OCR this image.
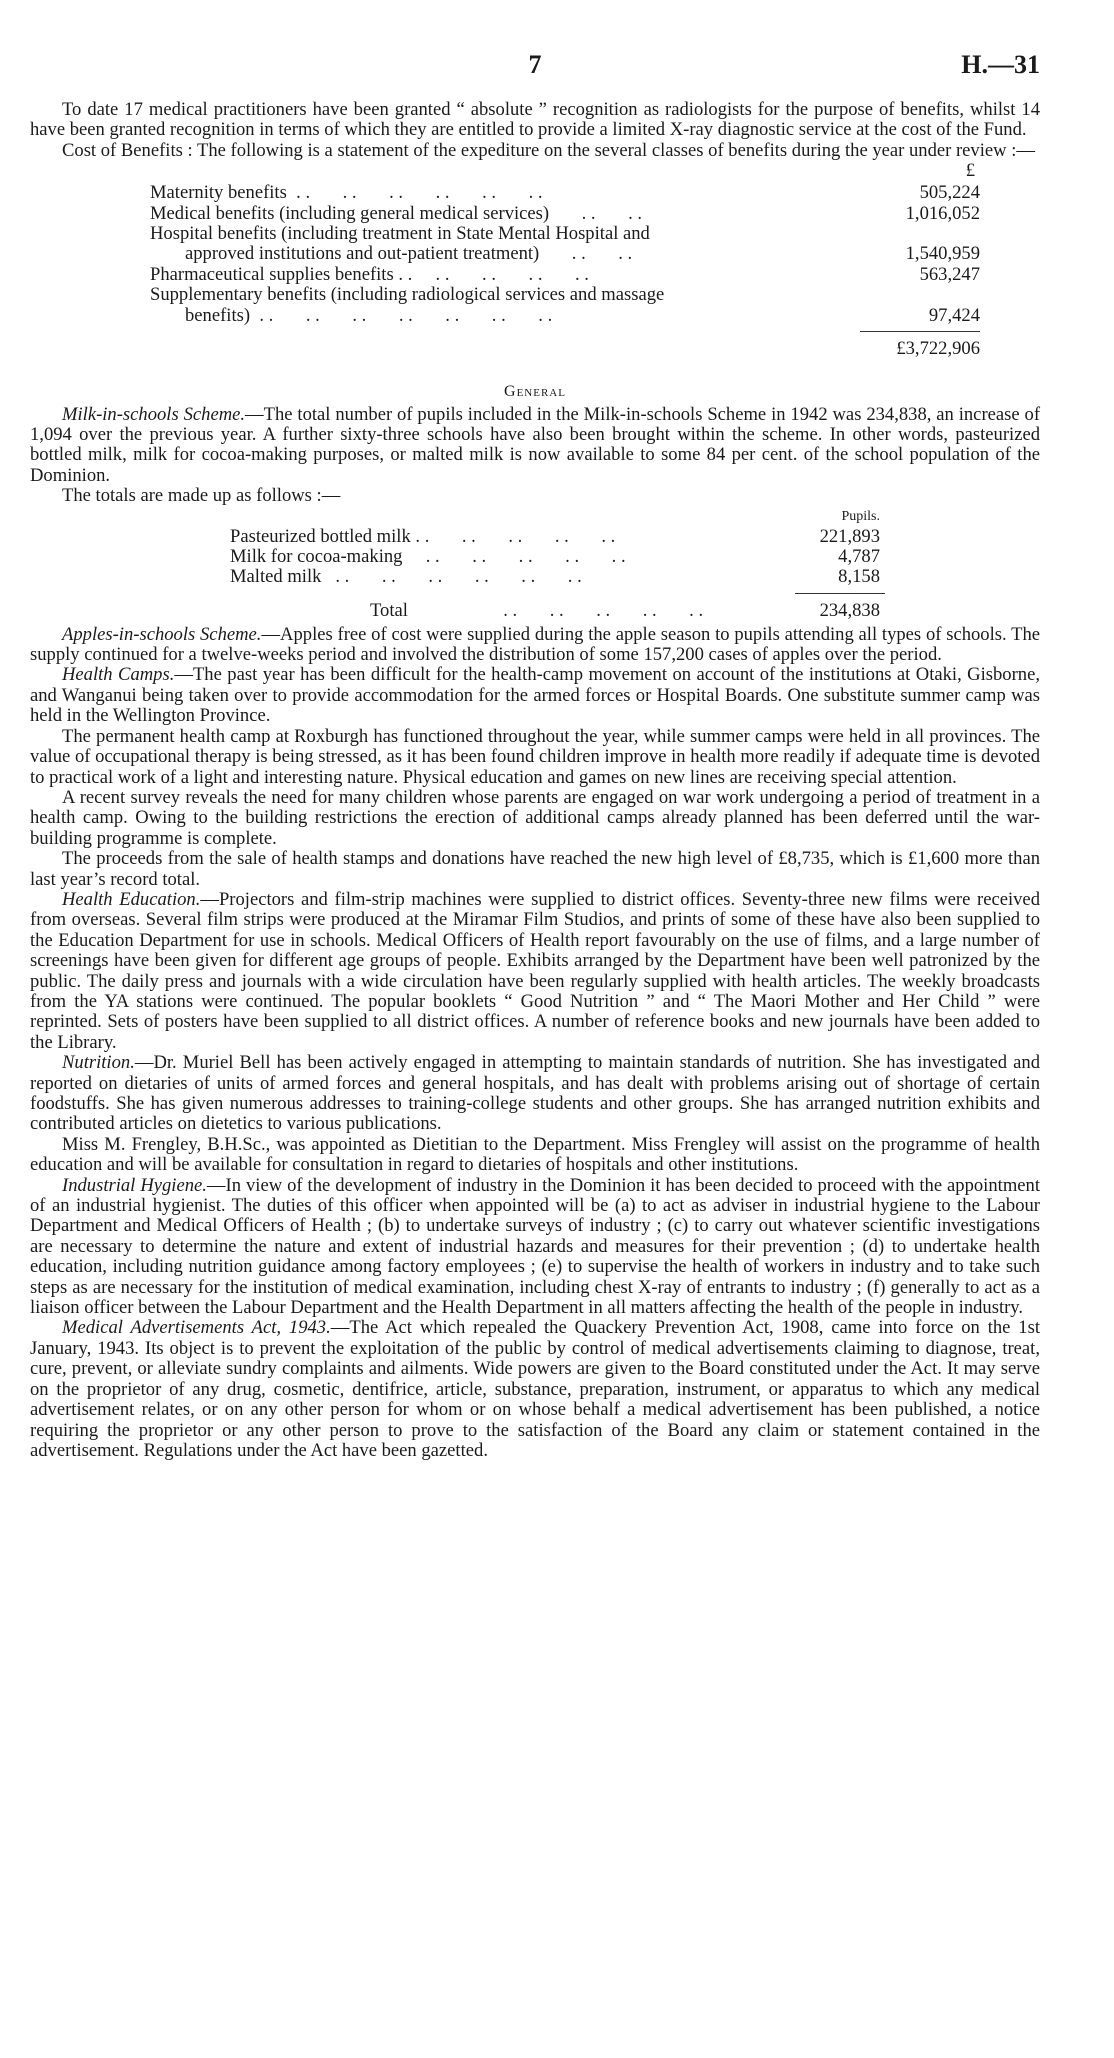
7	H.—31

To date 17 medical practitioners have been granted “ absolute ” recognition as radiologists for the purpose of benefits, whilst 14 have been granted recognition in terms of which they are entitled to provide a limited X-ray diagnostic service at the cost of the Fund.

Cost of Benefits : The following is a statement of the expediture on the several classes of benefits during the year under review :—

£
Maternity benefits  . .       . .       . .       . .       . .       . .	505,224
Medical benefits (including general medical services)       . .       . .	1,016,052
Hospital benefits (including treatment in State Mental Hospital and
approved institutions and out-patient treatment)       . .       . .	1,540,959
Pharmaceutical supplies benefits . .     . .       . .       . .       . .	563,247
Supplementary benefits (including radiological services and massage
benefits)  . .       . .       . .       . .       . .       . .       . .	97,424
£3,722,906
General

Milk-in-schools Scheme.—The total number of pupils included in the Milk-in-schools Scheme in 1942 was 234,838, an increase of 1,094 over the previous year. A further sixty-three schools have also been brought within the scheme. In other words, pasteurized bottled milk, milk for cocoa-making purposes, or malted milk is now available to some 84 per cent. of the school population of the Dominion.

The totals are made up as follows :—

Pupils.
Pasteurized bottled milk . .       . .       . .       . .       . .	221,893
Milk for cocoa-making     . .       . .       . .       . .       . .	4,787
Malted milk   . .       . .       . .       . .       . .       . .	8,158
Total	. .       . .       . .       . .       . .	234,838

Apples-in-schools Scheme.—Apples free of cost were supplied during the apple season to pupils attending all types of schools. The supply continued for a twelve-weeks period and involved the distribution of some 157,200 cases of apples over the period.

Health Camps.—The past year has been difficult for the health-camp movement on account of the institutions at Otaki, Gisborne, and Wanganui being taken over to provide accommodation for the armed forces or Hospital Boards. One substitute summer camp was held in the Wellington Province.

The permanent health camp at Roxburgh has functioned throughout the year, while summer camps were held in all provinces. The value of occupational therapy is being stressed, as it has been found children improve in health more readily if adequate time is devoted to practical work of a light and interesting nature. Physical education and games on new lines are receiving special attention.

A recent survey reveals the need for many children whose parents are engaged on war work undergoing a period of treatment in a health camp. Owing to the building restrictions the erection of additional camps already planned has been deferred until the war-building programme is complete.

The proceeds from the sale of health stamps and donations have reached the new high level of £8,735, which is £1,600 more than last year’s record total.

Health Education.—Projectors and film-strip machines were supplied to district offices. Seventy-three new films were received from overseas. Several film strips were produced at the Miramar Film Studios, and prints of some of these have also been supplied to the Education Department for use in schools. Medical Officers of Health report favourably on the use of films, and a large number of screenings have been given for different age groups of people. Exhibits arranged by the Department have been well patronized by the public. The daily press and journals with a wide circulation have been regularly supplied with health articles. The weekly broadcasts from the YA stations were continued. The popular booklets “ Good Nutrition ” and “ The Maori Mother and Her Child ” were reprinted. Sets of posters have been supplied to all district offices. A number of reference books and new journals have been added to the Library.

Nutrition.—Dr. Muriel Bell has been actively engaged in attempting to maintain standards of nutrition. She has investigated and reported on dietaries of units of armed forces and general hospitals, and has dealt with problems arising out of shortage of certain foodstuffs. She has given numerous addresses to training-college students and other groups. She has arranged nutrition exhibits and contributed articles on dietetics to various publications.

Miss M. Frengley, B.H.Sc., was appointed as Dietitian to the Department. Miss Frengley will assist on the programme of health education and will be available for consultation in regard to dietaries of hospitals and other institutions.

Industrial Hygiene.—In view of the development of industry in the Dominion it has been decided to proceed with the appointment of an industrial hygienist. The duties of this officer when appointed will be (a) to act as adviser in industrial hygiene to the Labour Department and Medical Officers of Health ; (b) to undertake surveys of industry ; (c) to carry out whatever scientific investigations are necessary to determine the nature and extent of industrial hazards and measures for their prevention ; (d) to undertake health education, including nutrition guidance among factory employees ; (e) to supervise the health of workers in industry and to take such steps as are necessary for the institution of medical examination, including chest X-ray of entrants to industry ; (f) generally to act as a liaison officer between the Labour Department and the Health Department in all matters affecting the health of the people in industry.

Medical Advertisements Act, 1943.—The Act which repealed the Quackery Prevention Act, 1908, came into force on the 1st January, 1943. Its object is to prevent the exploitation of the public by control of medical advertisements claiming to diagnose, treat, cure, prevent, or alleviate sundry complaints and ailments. Wide powers are given to the Board constituted under the Act. It may serve on the proprietor of any drug, cosmetic, dentifrice, article, substance, preparation, instrument, or apparatus to which any medical advertisement relates, or on any other person for whom or on whose behalf a medical advertisement has been published, a notice requiring the proprietor or any other person to prove to the satisfaction of the Board any claim or statement contained in the advertisement. Regulations under the Act have been gazetted.
